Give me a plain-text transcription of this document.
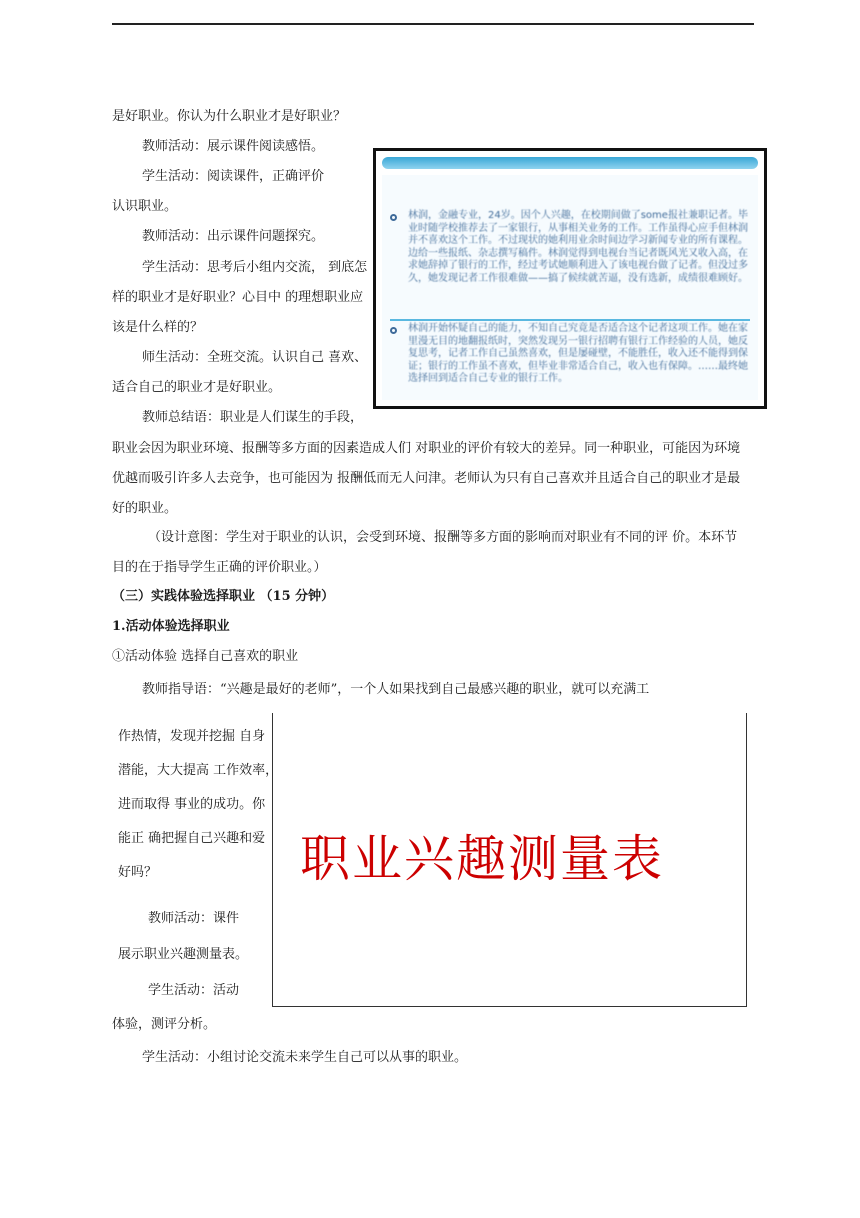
是好职业。你认为什么职业才是好职业？
教师活动：展示课件阅读感悟。
学生活动：阅读课件，正确评价
认识职业。
教师活动：出示课件问题探究。
学生活动：思考后小组内交流， 到底怎
样的职业才是好职业？心目中 的理想职业应
该是什么样的？
师生活动：全班交流。认识自己 喜欢、
适合自己的职业才是好职业。
教师总结语：职业是人们谋生的手段，
职业会因为职业环境、报酬等多方面的因素造成人们 对职业的评价有较大的差异。同一种职业，可能因为环境
优越而吸引许多人去竞争，也可能因为 报酬低而无人问津。老师认为只有自己喜欢并且适合自己的职业才是最
好的职业。
（设计意图：学生对于职业的认识，会受到环境、报酬等多方面的影响而对职业有不同的评 价。本环节
目的在于指导学生正确的评价职业。）
（三）实践体验选择职业 （15 分钟）
1.活动体验选择职业
①活动体验 选择自己喜欢的职业
教师指导语：“兴趣是最好的老师”，一个人如果找到自己最感兴趣的职业，就可以充满工
林润，金融专业，24岁。因个人兴趣，在校期间做了some报社兼职记者。毕业时随学校推荐去了一家银行，从事相关业务的工作。工作虽得心应手但林润并不喜欢这个工作。不过现状的她利用业余时间边学习新闻专业的所有课程。 边给一些报纸、杂志撰写稿件。林润觉得到电视台当记者既风光又收入高，在求她辞掉了银行的工作，经过考试她顺利进入了该电视台做了记者。但没过多久，她发现记者工作很难做——搞了候续就苦逼，没有选新，成绩很难顾好。
林润开始怀疑自己的能力，不知自己究竟是否适合这个记者这项工作。她在家里漫无目的地翻报纸时，突然发现另一银行招聘有银行工作经验的人员，她反复思考，记者工作自己虽然喜欢，但是屡碰壁，不能胜任，收入还不能得到保证；银行的工作虽不喜欢，但毕业非常适合自己，收入也有保障。……最终她选择回到适合自己专业的银行工作。
职业兴趣测量表
作热情，发现并挖掘 自身
潜能，大大提高 工作效率，
进而取得 事业的成功。你
能正 确把握自己兴趣和爱
好吗？
教师活动：课件
展示职业兴趣测量表。
学生活动：活动
体验，测评分析。
学生活动：小组讨论交流未来学生自己可以从事的职业。
